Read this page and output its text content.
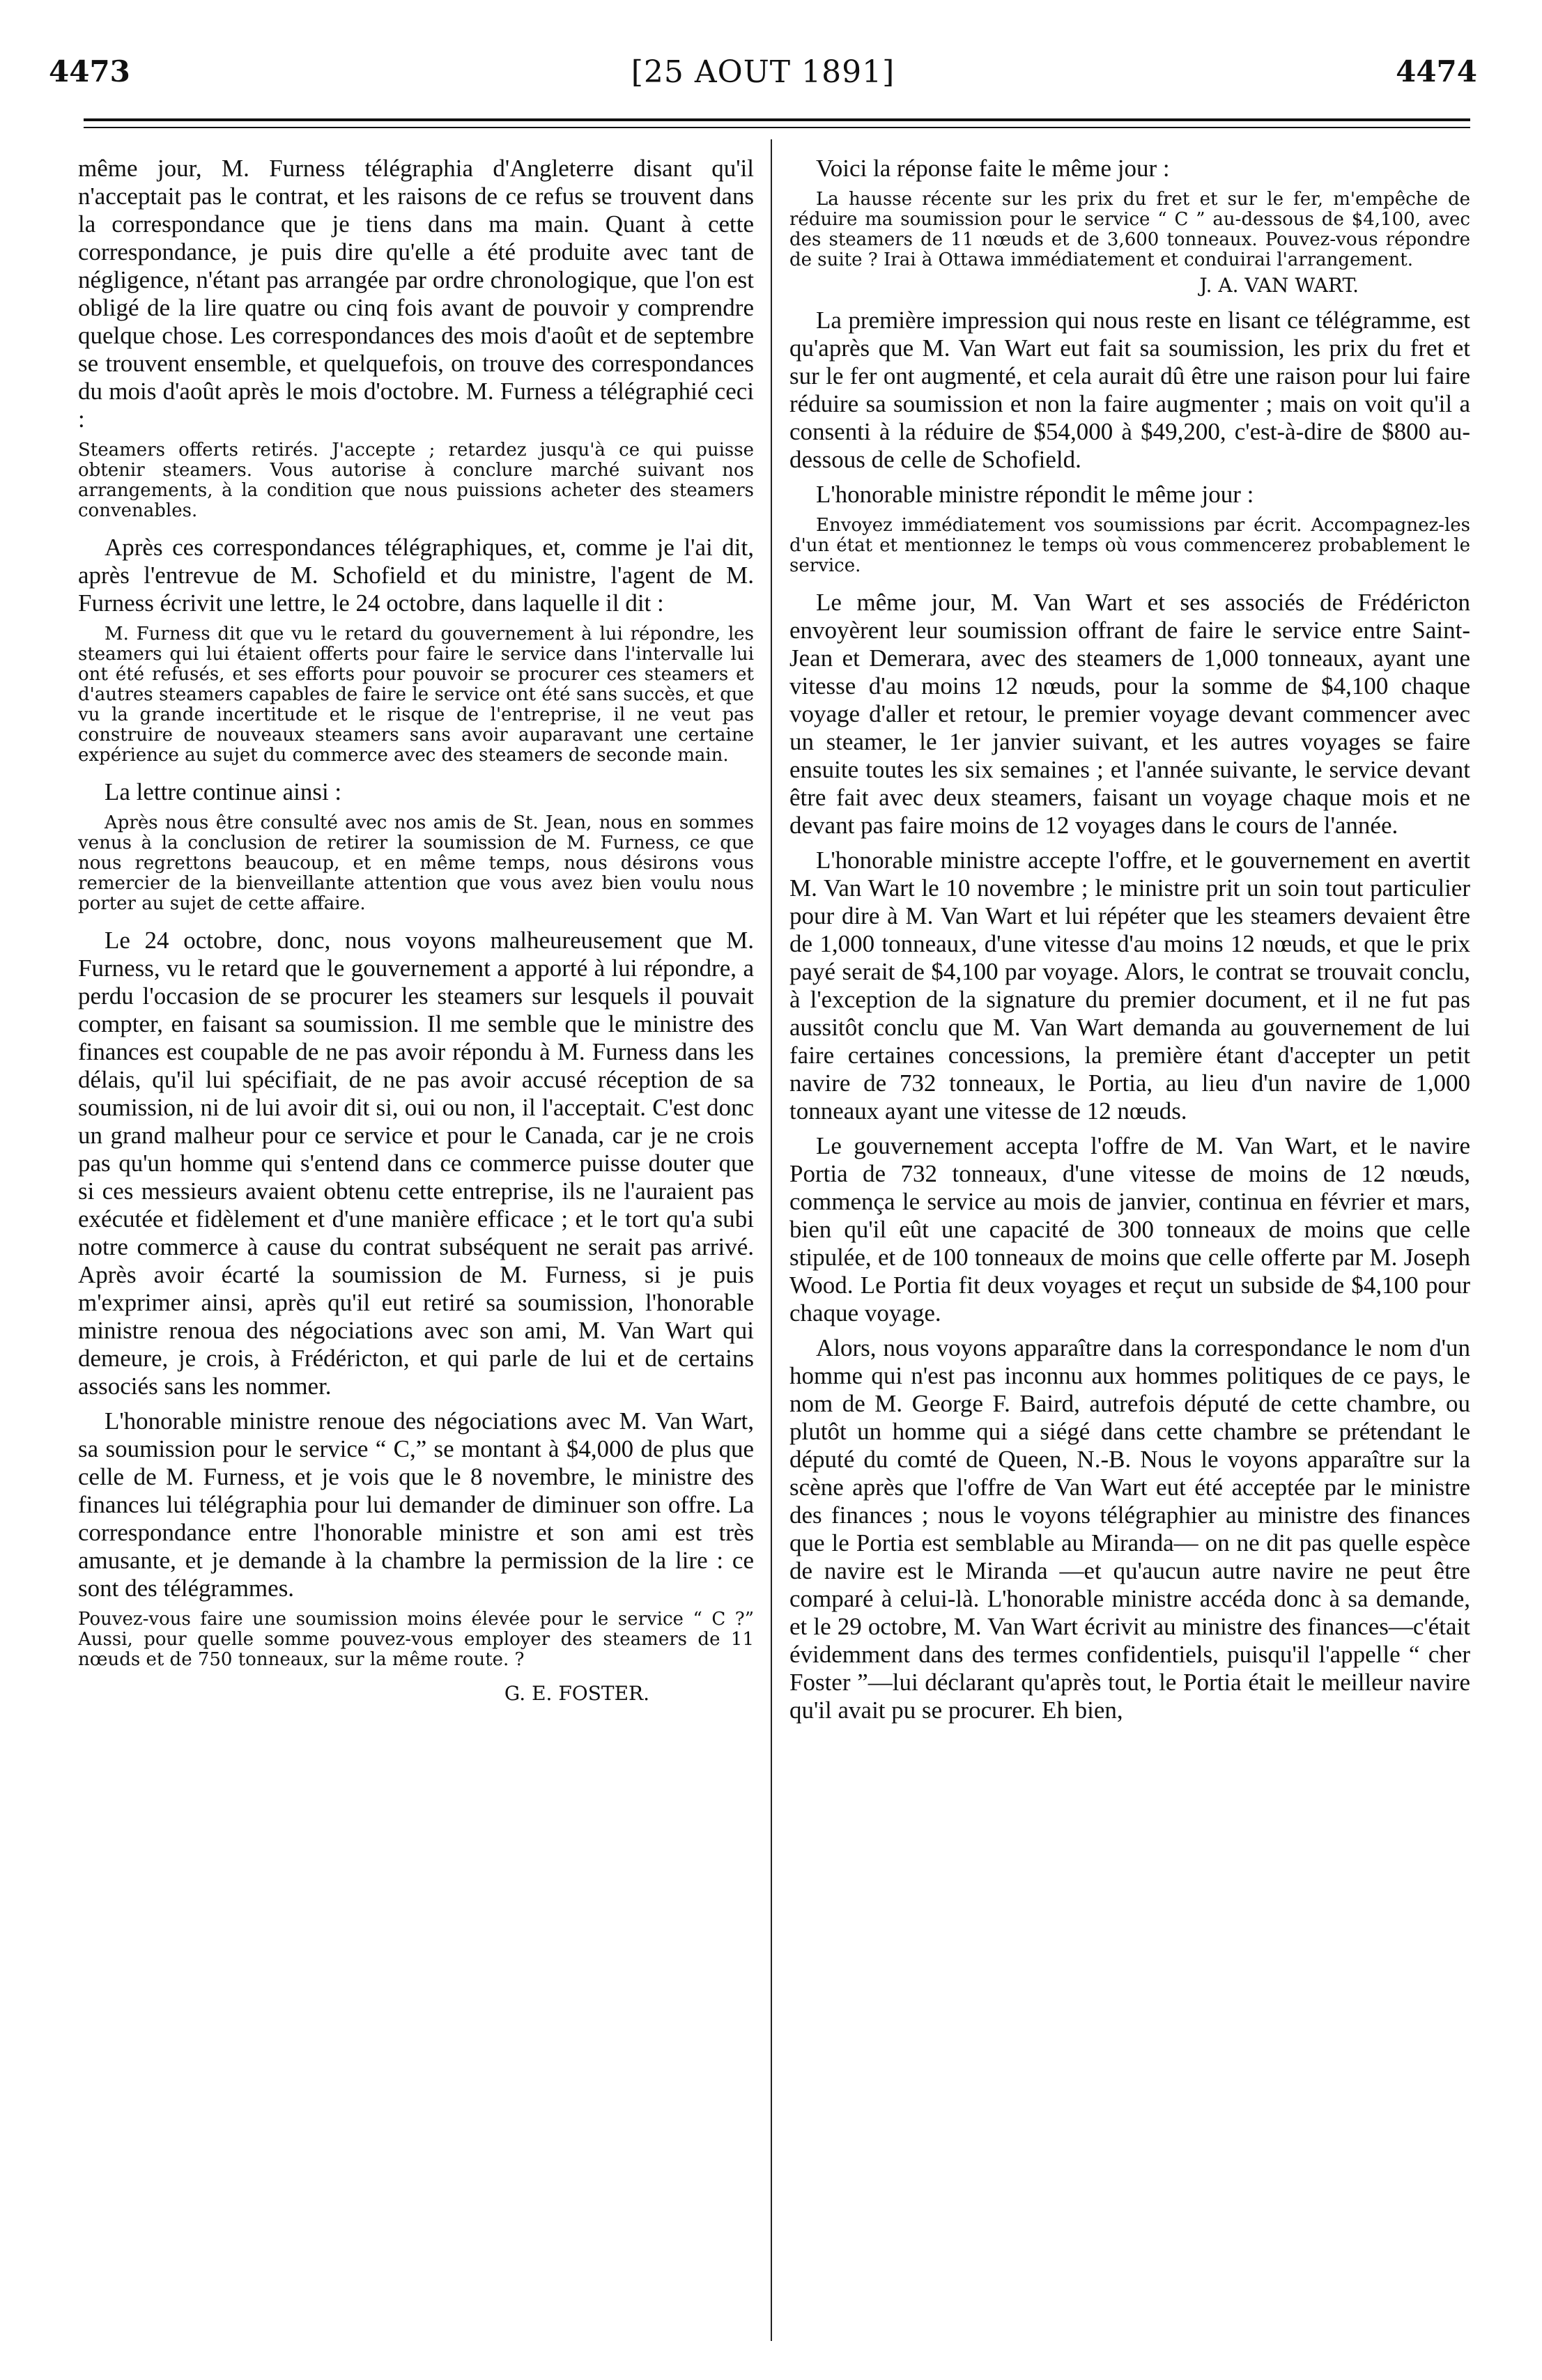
4473	[25 AOUT 1891]	4474

même jour, M. Furness télégraphia d'Angleterre disant qu'il n'acceptait pas le contrat, et les raisons de ce refus se trouvent dans la correspondance que je tiens dans ma main. Quant à cette correspondance, je puis dire qu'elle a été produite avec tant de négligence, n'étant pas arrangée par ordre chronologique, que l'on est obligé de la lire quatre ou cinq fois avant de pouvoir y comprendre quelque chose. Les correspondances des mois d'août et de septembre se trouvent ensemble, et quelquefois, on trouve des correspondances du mois d'août après le mois d'octobre. M. Furness a télégraphié ceci :

Steamers offerts retirés. J'accepte ; retardez jusqu'à ce qui puisse obtenir steamers. Vous autorise à conclure marché suivant nos arrangements, à la condition que nous puissions acheter des steamers convenables.

Après ces correspondances télégraphiques, et, comme je l'ai dit, après l'entrevue de M. Schofield et du ministre, l'agent de M. Furness écrivit une lettre, le 24 octobre, dans laquelle il dit :

M. Furness dit que vu le retard du gouvernement à lui répondre, les steamers qui lui étaient offerts pour faire le service dans l'intervalle lui ont été refusés, et ses efforts pour pouvoir se procurer ces steamers et d'autres steamers capables de faire le service ont été sans succès, et que vu la grande incertitude et le risque de l'entreprise, il ne veut pas construire de nouveaux steamers sans avoir auparavant une certaine expérience au sujet du commerce avec des steamers de seconde main.

La lettre continue ainsi :

Après nous être consulté avec nos amis de St. Jean, nous en sommes venus à la conclusion de retirer la soumission de M. Furness, ce que nous regrettons beaucoup, et en même temps, nous désirons vous remercier de la bienveillante attention que vous avez bien voulu nous porter au sujet de cette affaire.

Le 24 octobre, donc, nous voyons malheureusement que M. Furness, vu le retard que le gouvernement a apporté à lui répondre, a perdu l'occasion de se procurer les steamers sur lesquels il pouvait compter, en faisant sa soumission. Il me semble que le ministre des finances est coupable de ne pas avoir répondu à M. Furness dans les délais, qu'il lui spécifiait, de ne pas avoir accusé réception de sa soumission, ni de lui avoir dit si, oui ou non, il l'acceptait. C'est donc un grand malheur pour ce service et pour le Canada, car je ne crois pas qu'un homme qui s'entend dans ce commerce puisse douter que si ces messieurs avaient obtenu cette entreprise, ils ne l'auraient pas exécutée et fidèlement et d'une manière efficace ; et le tort qu'a subi notre commerce à cause du contrat subséquent ne serait pas arrivé. Après avoir écarté la soumission de M. Furness, si je puis m'exprimer ainsi, après qu'il eut retiré sa soumission, l'honorable ministre renoua des négociations avec son ami, M. Van Wart qui demeure, je crois, à Frédéricton, et qui parle de lui et de certains associés sans les nommer.

L'honorable ministre renoue des négociations avec M. Van Wart, sa soumission pour le service “ C,” se montant à $4,000 de plus que celle de M. Furness, et je vois que le 8 novembre, le ministre des finances lui télégraphia pour lui demander de diminuer son offre. La correspondance entre l'honorable ministre et son ami est très amusante, et je demande à la chambre la permission de la lire : ce sont des télégrammes.

Pouvez-vous faire une soumission moins élevée pour le service “ C ?” Aussi, pour quelle somme pouvez-vous employer des steamers de 11 nœuds et de 750 tonneaux, sur la même route. ?
G. E. FOSTER.

Voici la réponse faite le même jour :

La hausse récente sur les prix du fret et sur le fer, m'empêche de réduire ma soumission pour le service “ C ” au-dessous de $4,100, avec des steamers de 11 nœuds et de 3,600 tonneaux. Pouvez-vous répondre de suite ? Irai à Ottawa immédiatement et conduirai l'arrangement.
J. A. VAN WART.

La première impression qui nous reste en lisant ce télégramme, est qu'après que M. Van Wart eut fait sa soumission, les prix du fret et sur le fer ont augmenté, et cela aurait dû être une raison pour lui faire réduire sa soumission et non la faire augmenter ; mais on voit qu'il a consenti à la réduire de $54,000 à $49,200, c'est-à-dire de $800 au-dessous de celle de Schofield.

L'honorable ministre répondit le même jour :

Envoyez immédiatement vos soumissions par écrit. Accompagnez-les d'un état et mentionnez le temps où vous commencerez probablement le service.

Le même jour, M. Van Wart et ses associés de Frédéricton envoyèrent leur soumission offrant de faire le service entre Saint-Jean et Demerara, avec des steamers de 1,000 tonneaux, ayant une vitesse d'au moins 12 nœuds, pour la somme de $4,100 chaque voyage d'aller et retour, le premier voyage devant commencer avec un steamer, le 1er janvier suivant, et les autres voyages se faire ensuite toutes les six semaines ; et l'année suivante, le service devant être fait avec deux steamers, faisant un voyage chaque mois et ne devant pas faire moins de 12 voyages dans le cours de l'année.

L'honorable ministre accepte l'offre, et le gouvernement en avertit M. Van Wart le 10 novembre ; le ministre prit un soin tout particulier pour dire à M. Van Wart et lui répéter que les steamers devaient être de 1,000 tonneaux, d'une vitesse d'au moins 12 nœuds, et que le prix payé serait de $4,100 par voyage. Alors, le contrat se trouvait conclu, à l'exception de la signature du premier document, et il ne fut pas aussitôt conclu que M. Van Wart demanda au gouvernement de lui faire certaines concessions, la première étant d'accepter un petit navire de 732 tonneaux, le Portia, au lieu d'un navire de 1,000 tonneaux ayant une vitesse de 12 nœuds.

Le gouvernement accepta l'offre de M. Van Wart, et le navire Portia de 732 tonneaux, d'une vitesse de moins de 12 nœuds, commença le service au mois de janvier, continua en février et mars, bien qu'il eût une capacité de 300 tonneaux de moins que celle stipulée, et de 100 tonneaux de moins que celle offerte par M. Joseph Wood. Le Portia fit deux voyages et reçut un subside de $4,100 pour chaque voyage.

Alors, nous voyons apparaître dans la correspondance le nom d'un homme qui n'est pas inconnu aux hommes politiques de ce pays, le nom de M. George F. Baird, autrefois député de cette chambre, ou plutôt un homme qui a siégé dans cette chambre se prétendant le député du comté de Queen, N.-B. Nous le voyons apparaître sur la scène après que l'offre de Van Wart eut été acceptée par le ministre des finances ; nous le voyons télégraphier au ministre des finances que le Portia est semblable au Miranda— on ne dit pas quelle espèce de navire est le Miranda —et qu'aucun autre navire ne peut être comparé à celui-là. L'honorable ministre accéda donc à sa demande, et le 29 octobre, M. Van Wart écrivit au ministre des finances—c'était évidemment dans des termes confidentiels, puisqu'il l'appelle “ cher Foster ”—lui déclarant qu'après tout, le Portia était le meilleur navire qu'il avait pu se procurer. Eh bien,
